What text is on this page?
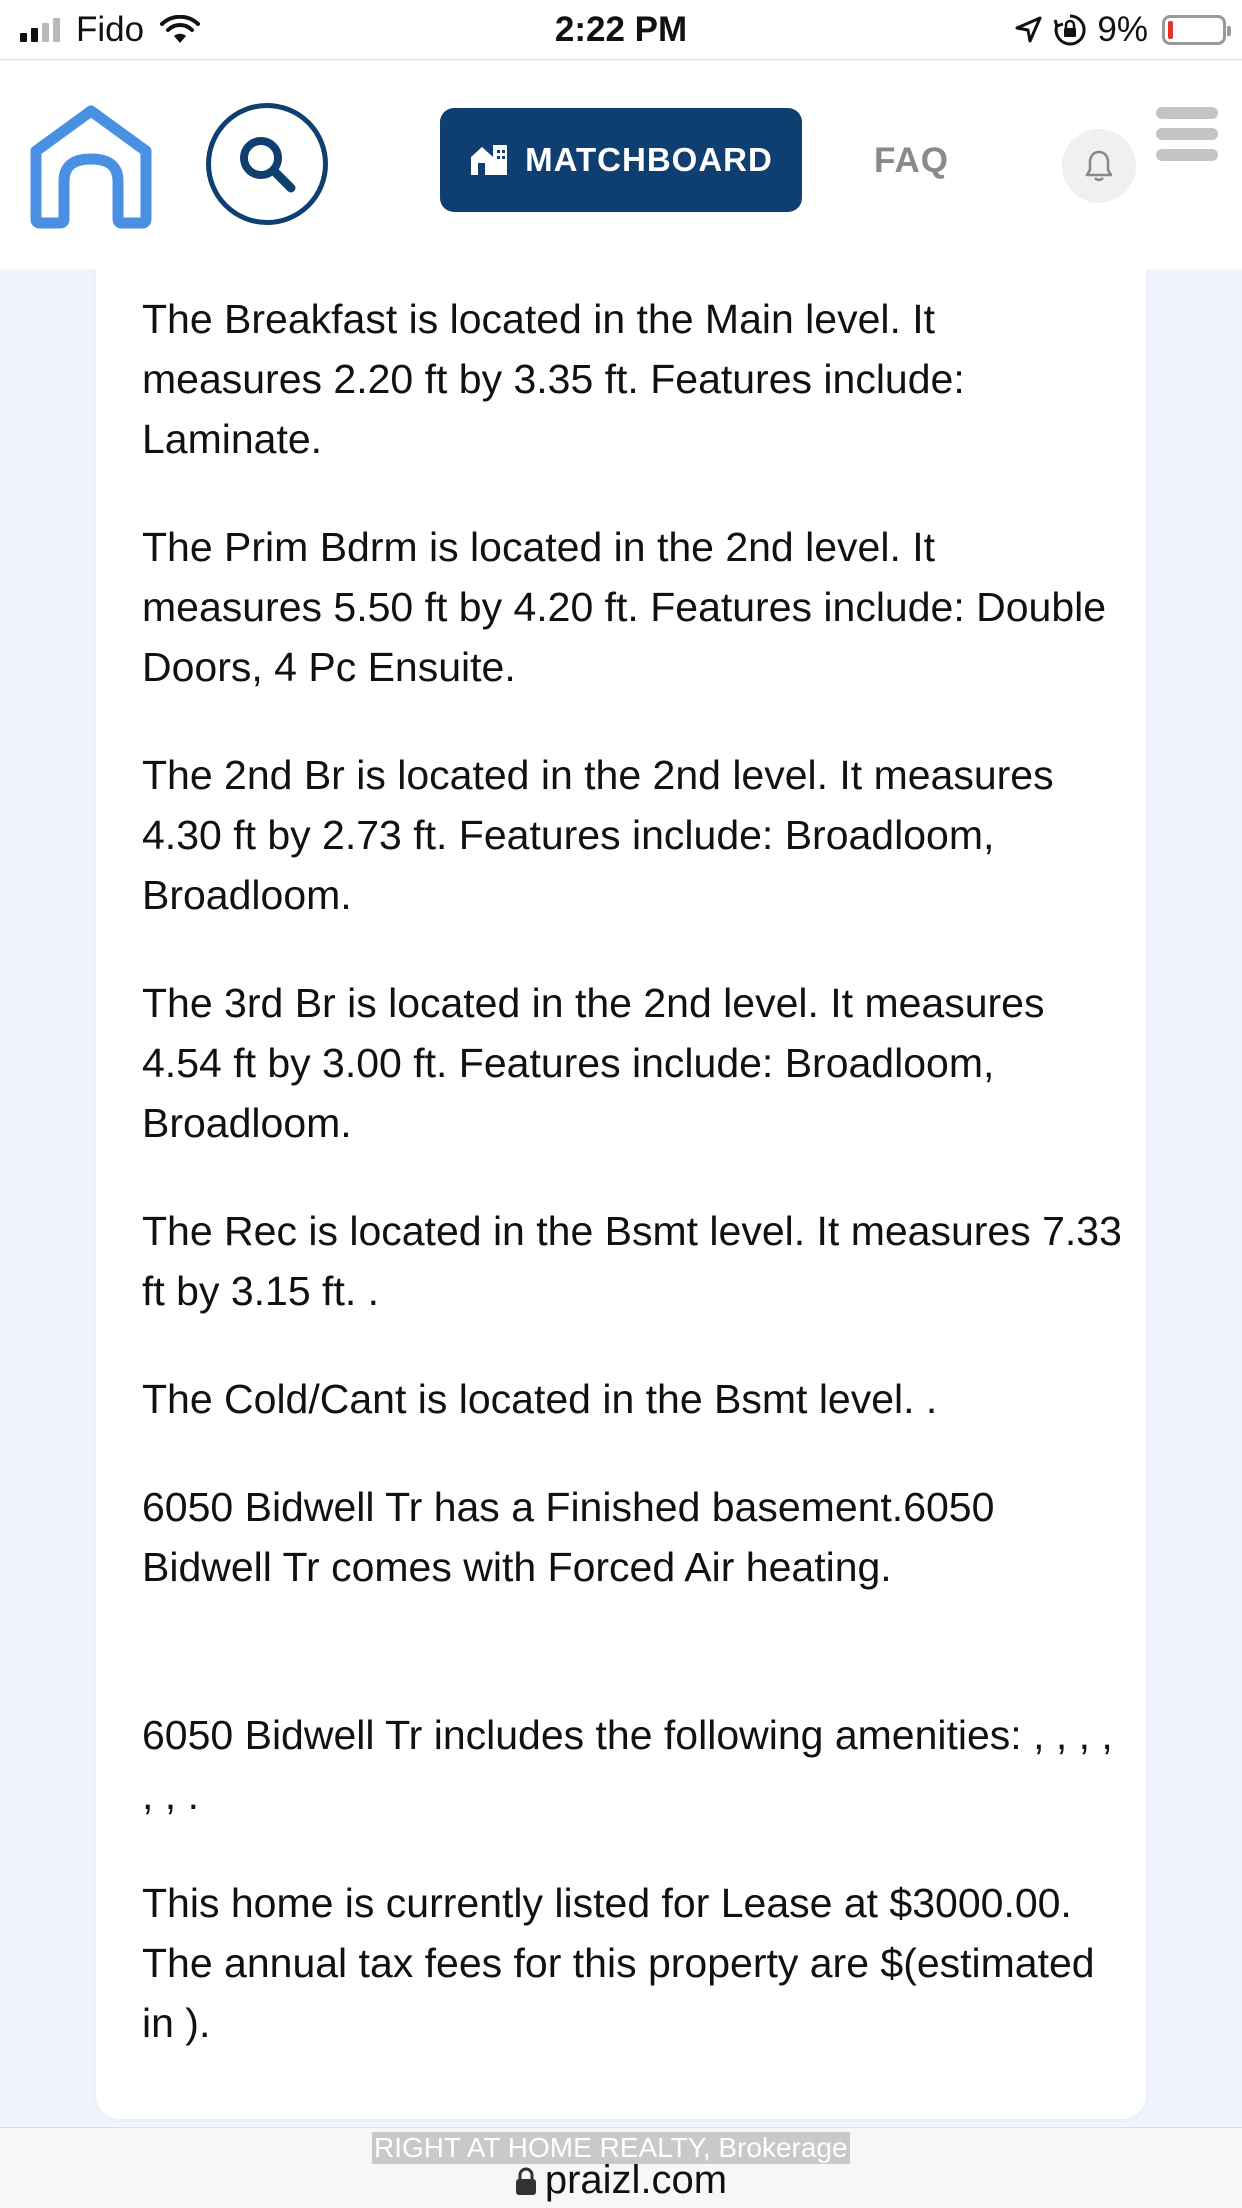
Fido	2:22 PM	9%
MATCHBOARD	FAQ

The Breakfast is located in the Main level. It measures 2.20 ft by 3.35 ft. Features include: Laminate.

The Prim Bdrm is located in the 2nd level. It measures 5.50 ft by 4.20 ft. Features include: Double Doors, 4 Pc Ensuite.

The 2nd Br is located in the 2nd level. It measures 4.30 ft by 2.73 ft. Features include: Broadloom, Broadloom.

The 3rd Br is located in the 2nd level. It measures 4.54 ft by 3.00 ft. Features include: Broadloom, Broadloom.

The Rec is located in the Bsmt level. It measures 7.33 ft by 3.15 ft. .

The Cold/Cant is located in the Bsmt level. .

6050 Bidwell Tr has a Finished basement.6050 Bidwell Tr comes with Forced Air heating.

6050 Bidwell Tr includes the following amenities: , , , , , , .

This home is currently listed for Lease at $3000.00. The annual tax fees for this property are $(estimated in ).

RIGHT AT HOME REALTY, Brokerage
praizl.com
